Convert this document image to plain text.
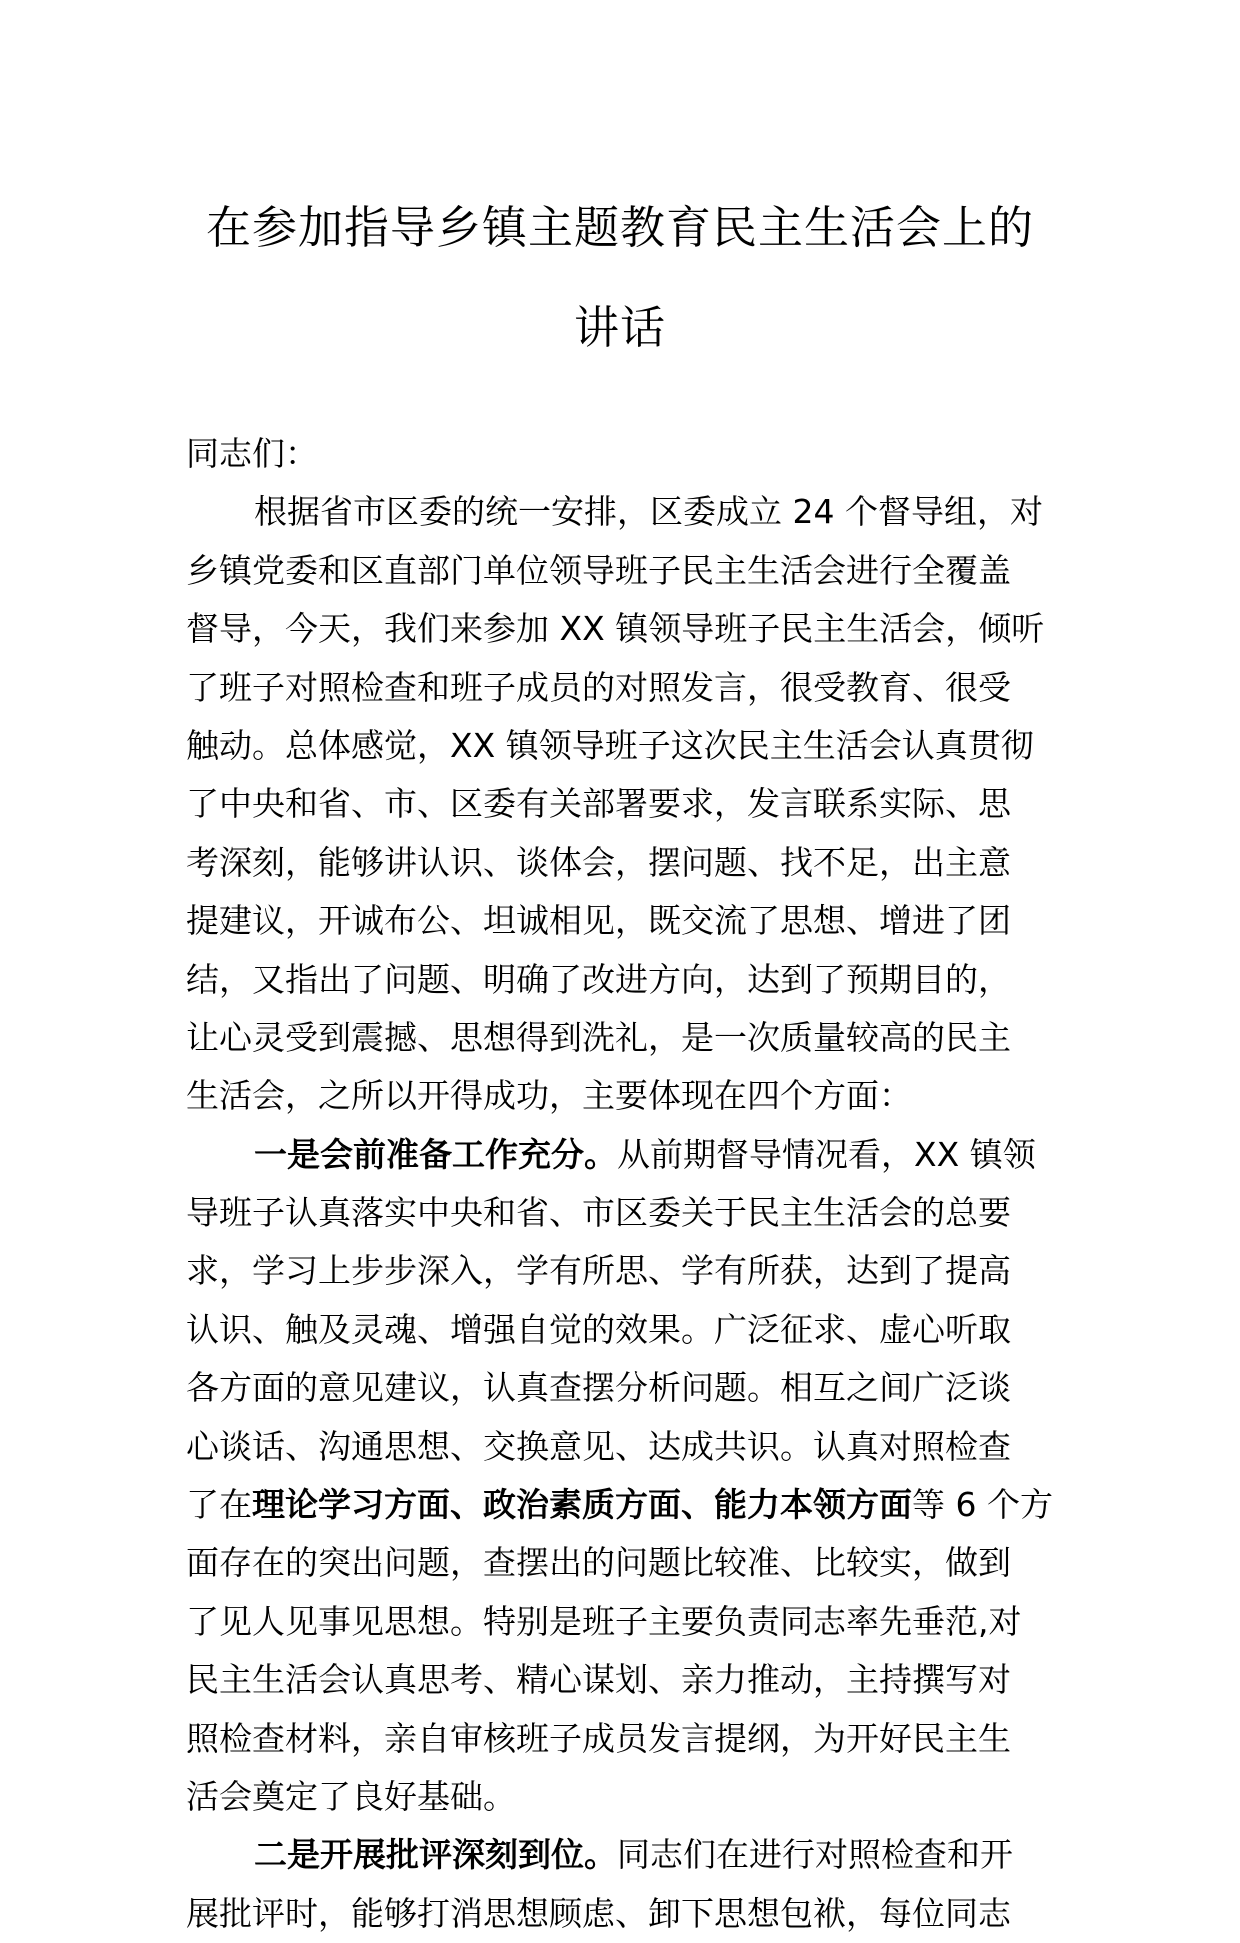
在参加指导乡镇主题教育民主生活会上的
讲话
同志们：
根据省市区委的统一安排，区委成立 24 个督导组，对
乡镇党委和区直部门单位领导班子民主生活会进行全覆盖
督导，今天，我们来参加 XX 镇领导班子民主生活会，倾听
了班子对照检查和班子成员的对照发言，很受教育、很受
触动。总体感觉，XX 镇领导班子这次民主生活会认真贯彻
了中央和省、市、区委有关部署要求，发言联系实际、思
考深刻，能够讲认识、谈体会，摆问题、找不足，出主意
提建议，开诚布公、坦诚相见，既交流了思想、增进了团
结，又指出了问题、明确了改进方向，达到了预期目的，
让心灵受到震撼、思想得到洗礼，是一次质量较高的民主
生活会，之所以开得成功，主要体现在四个方面：
一是会前准备工作充分。从前期督导情况看，XX 镇领
导班子认真落实中央和省、市区委关于民主生活会的总要
求，学习上步步深入，学有所思、学有所获，达到了提高
认识、触及灵魂、增强自觉的效果。广泛征求、虚心听取
各方面的意见建议，认真查摆分析问题。相互之间广泛谈
心谈话、沟通思想、交换意见、达成共识。认真对照检查
了在理论学习方面、政治素质方面、能力本领方面等 6 个方
面存在的突出问题，查摆出的问题比较准、比较实，做到
了见人见事见思想。特别是班子主要负责同志率先垂范,对
民主生活会认真思考、精心谋划、亲力推动，主持撰写对
照检查材料，亲自审核班子成员发言提纲，为开好民主生
活会奠定了良好基础。
二是开展批评深刻到位。同志们在进行对照检查和开
展批评时，能够打消思想顾虑、卸下思想包袱，每位同志
